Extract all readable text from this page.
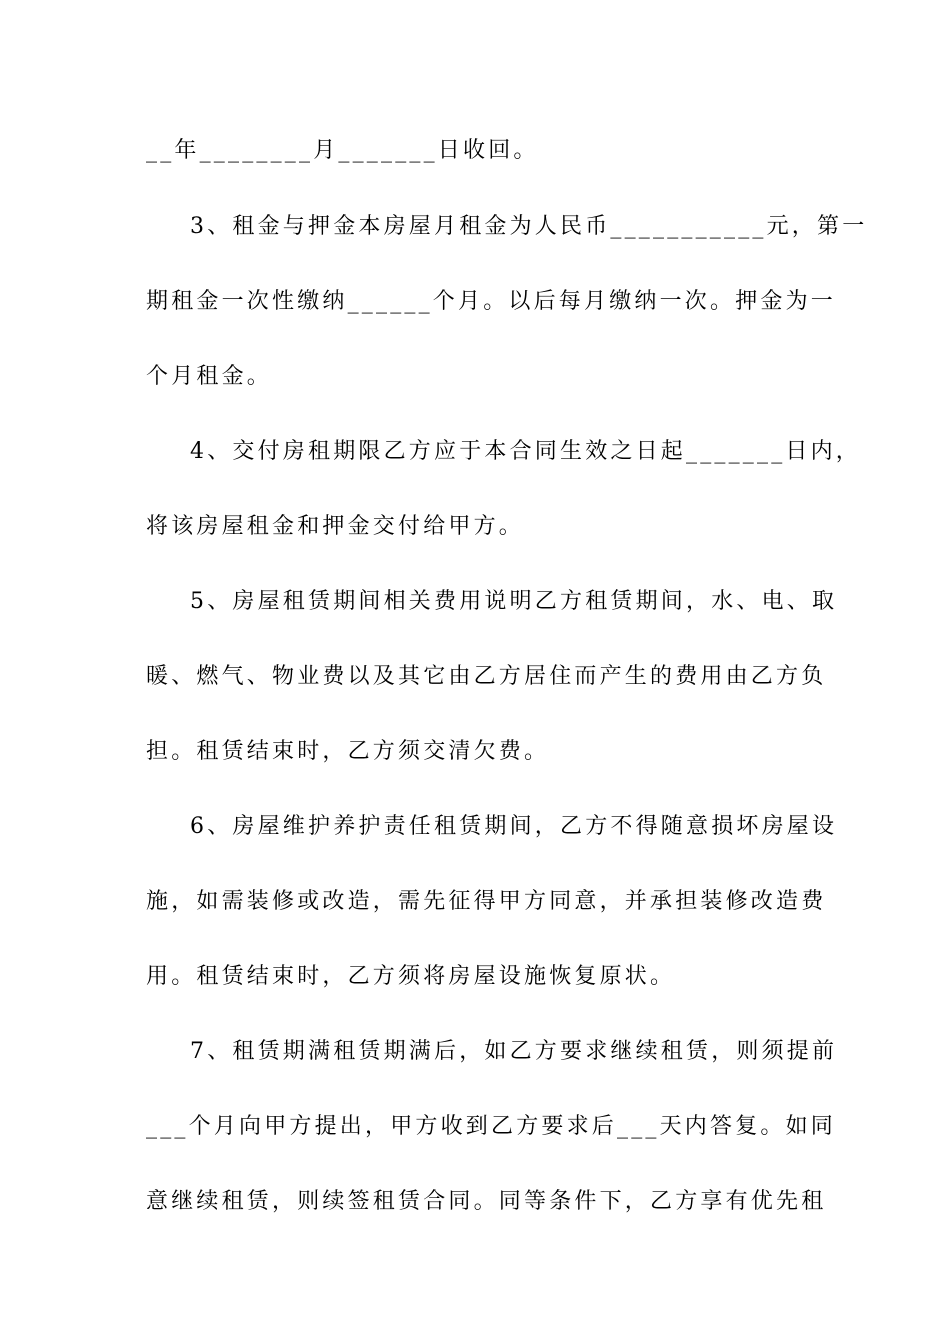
__年________月_______日收回。
3、租金与押金本房屋月租金为人民币___________元，第一
期租金一次性缴纳______个月。以后每月缴纳一次。押金为一
个月租金。
4、交付房租期限乙方应于本合同生效之日起_______日内，
将该房屋租金和押金交付给甲方。
5、房屋租赁期间相关费用说明乙方租赁期间，水、电、取
暖、燃气、物业费以及其它由乙方居住而产生的费用由乙方负
担。租赁结束时，乙方须交清欠费。
6、房屋维护养护责任租赁期间，乙方不得随意损坏房屋设
施，如需装修或改造，需先征得甲方同意，并承担装修改造费
用。租赁结束时，乙方须将房屋设施恢复原状。
7、租赁期满租赁期满后，如乙方要求继续租赁，则须提前
___个月向甲方提出，甲方收到乙方要求后___天内答复。如同
意继续租赁，则续签租赁合同。同等条件下，乙方享有优先租
